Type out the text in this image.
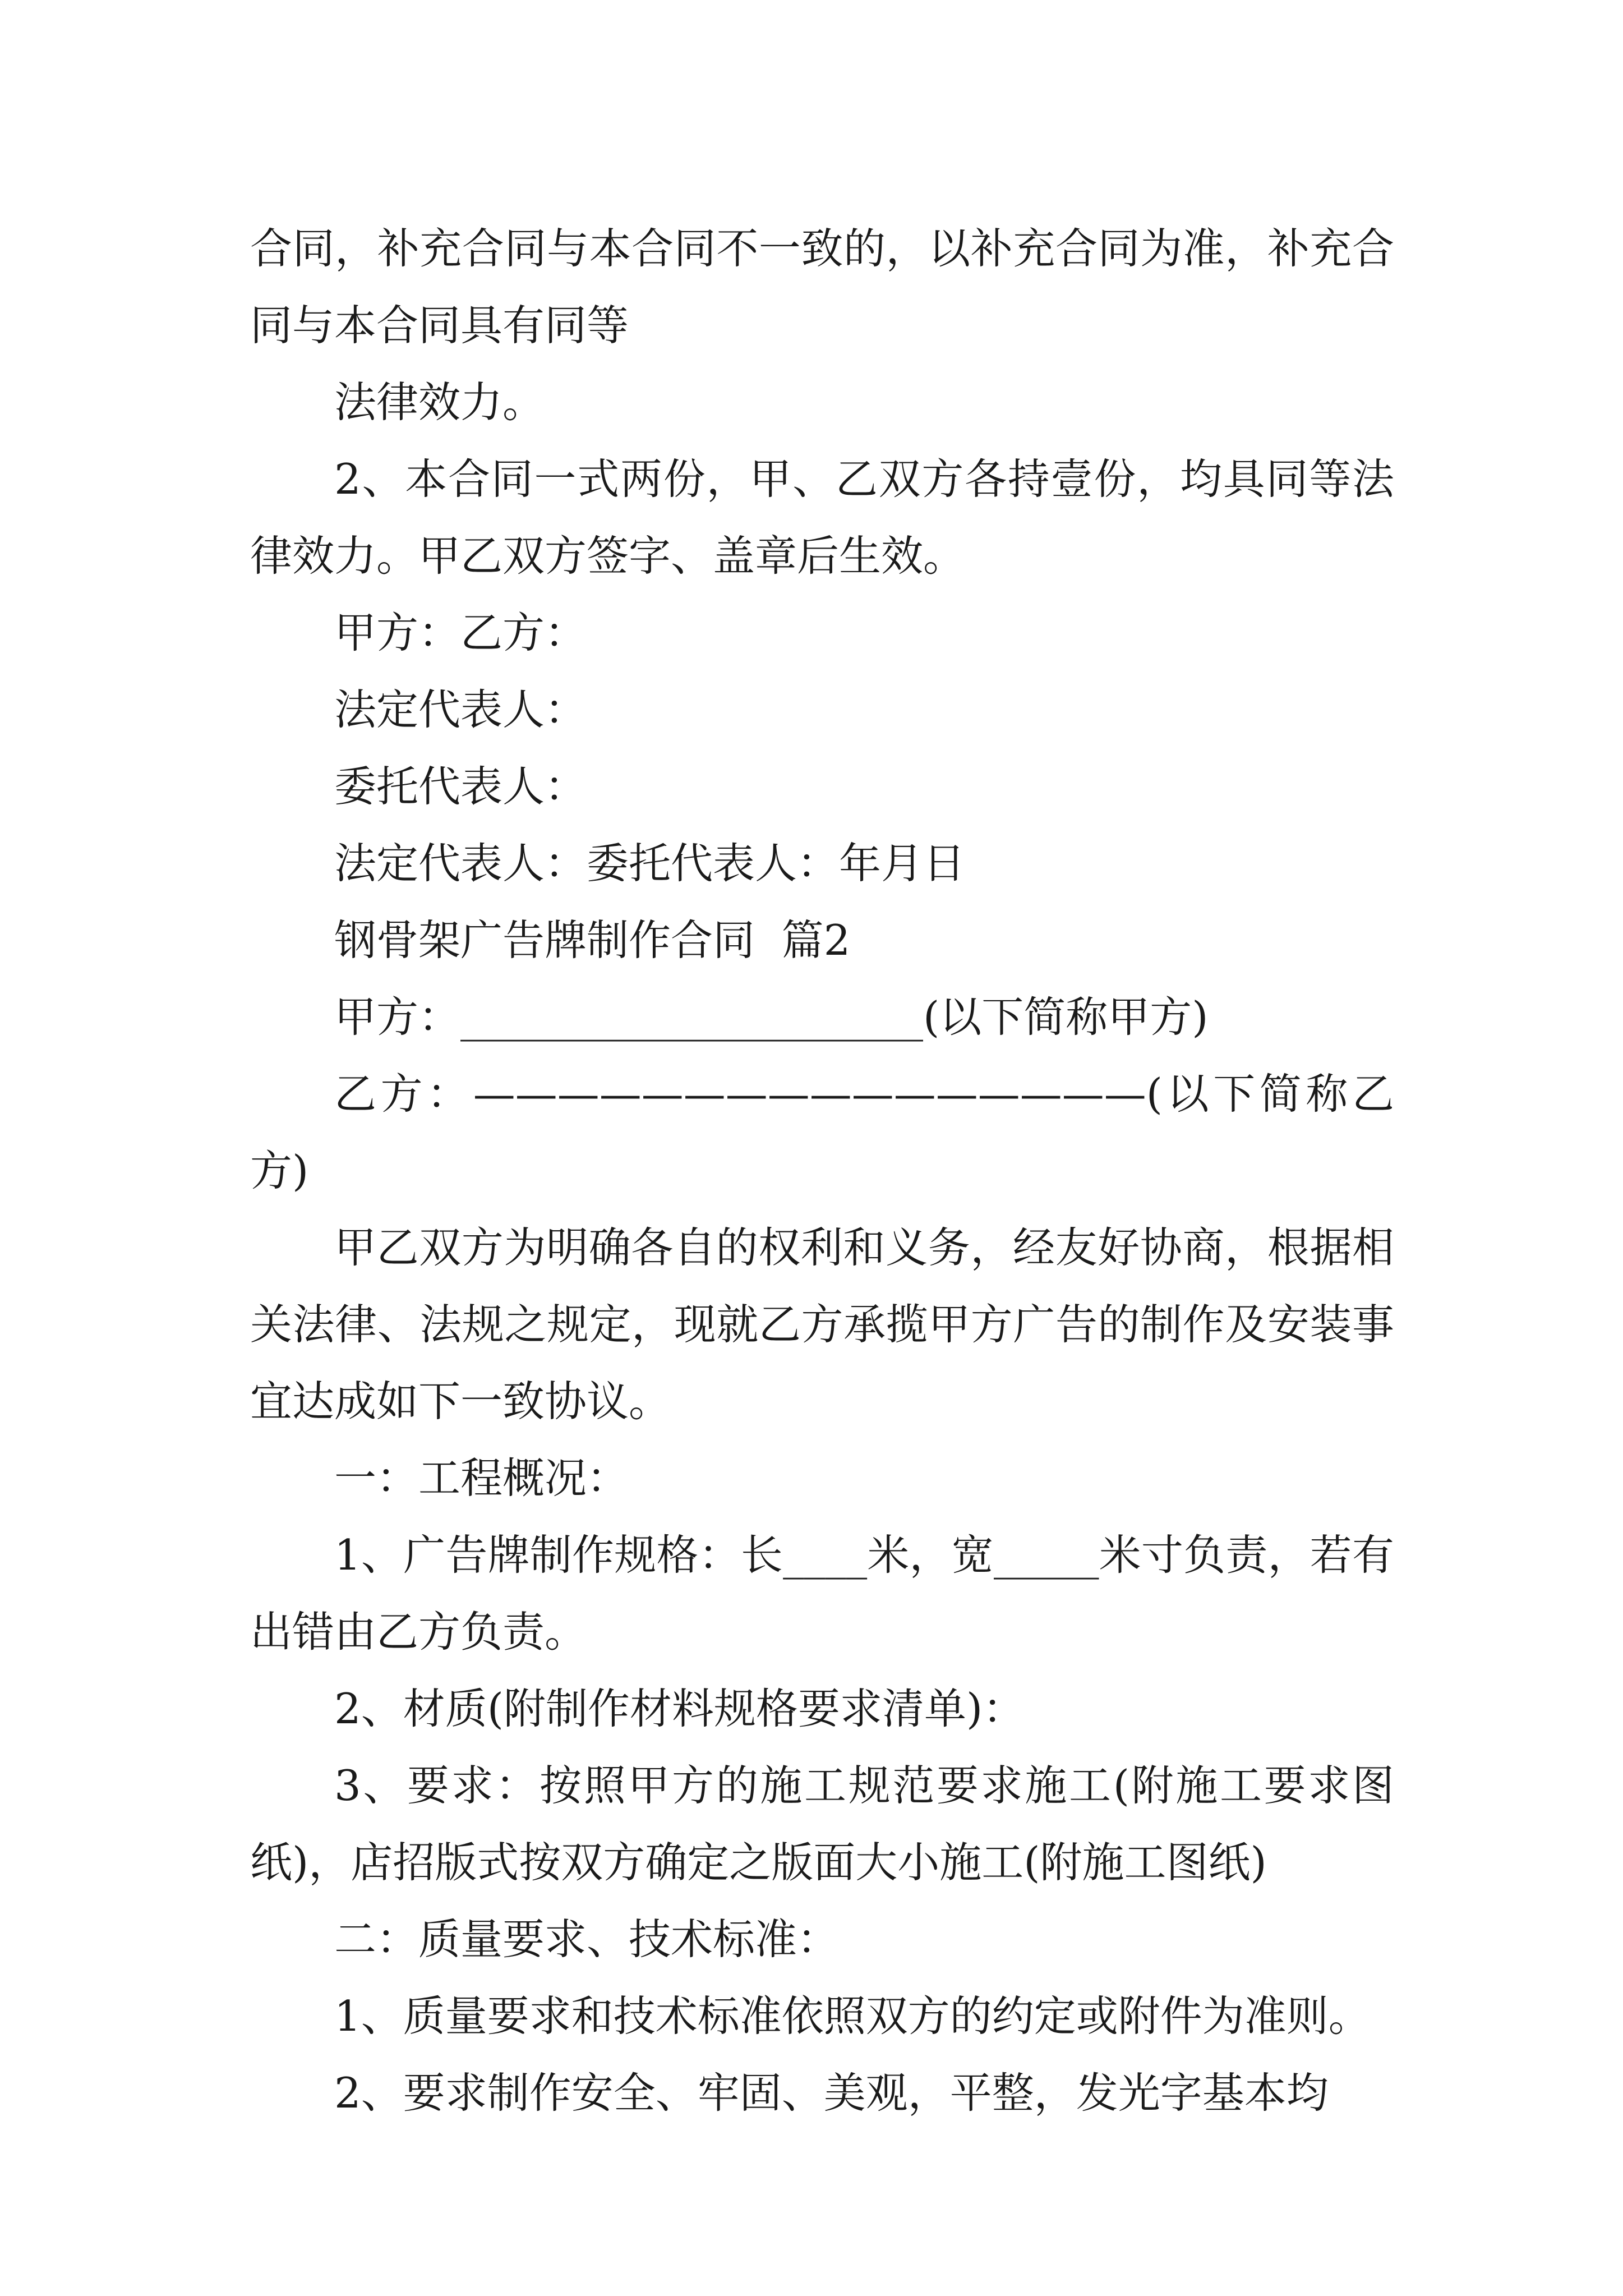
合同，补充合同与本合同不一致的，以补充合同为准，补充合同与本合同具有同等

法律效力。

2、本合同一式两份，甲、乙双方各持壹份，均具同等法律效力。甲乙双方签字、盖章后生效。

甲方：乙方：

法定代表人：

委托代表人：

法定代表人：委托代表人：年月日

钢骨架广告牌制作合同  篇2

甲方：______________________(以下简称甲方)

乙方：————————————————(以下简称乙方)

甲乙双方为明确各自的权利和义务，经友好协商，根据相关法律、法规之规定，现就乙方承揽甲方广告的制作及安装事宜达成如下一致协议。

一：工程概况：

1、广告牌制作规格：长____米，宽_____米寸负责，若有出错由乙方负责。

2、材质(附制作材料规格要求清单)：

3、要求：按照甲方的施工规范要求施工(附施工要求图纸)，店招版式按双方确定之版面大小施工(附施工图纸)

二：质量要求、技术标准：

1、质量要求和技术标准依照双方的约定或附件为准则。

2、要求制作安全、牢固、美观，平整，发光字基本均
